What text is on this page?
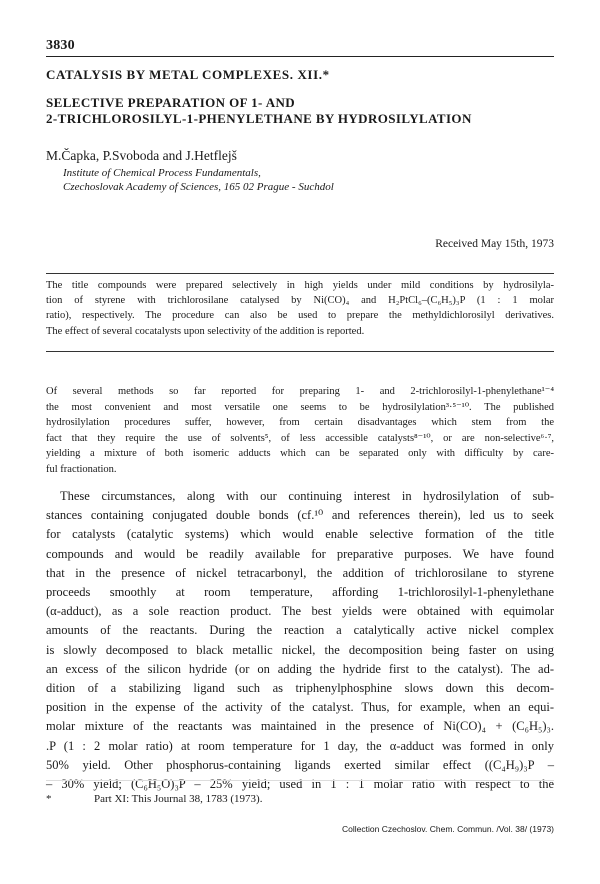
3830
CATALYSIS BY METAL COMPLEXES. XII.*
SELECTIVE PREPARATION OF 1- AND
2-TRICHLOROSILYL-1-PHENYLETHANE BY HYDROSILYLATION
M.Čapka, P.Svoboda and J.Hetflejš
Institute of Chemical Process Fundamentals,
Czechoslovak Academy of Sciences, 165 02 Prague - Suchdol
Received May 15th, 1973
The title compounds were prepared selectively in high yields under mild conditions by hydrosilyla-
tion of styrene with trichlorosilane catalysed by Ni(CO)₄ and H₂PtCl₆–(C₆H₅)₃P (1 : 1 molar
ratio), respectively. The procedure can also be used to prepare the methyldichlorosilyl derivatives.
The effect of several cocatalysts upon selectivity of the addition is reported.
Of several methods so far reported for preparing 1- and 2-trichlorosilyl-1-phenylethane¹⁻⁴
the most convenient and most versatile one seems to be hydrosilylation³·⁵⁻¹⁰. The published
hydrosilylation procedures suffer, however, from certain disadvantages which stem from the
fact that they require the use of solvents⁵, of less accessible catalysts⁸⁻¹⁰, or are non-selective⁶·⁷,
yielding a mixture of both isomeric adducts which can be separated only with difficulty by care-
ful fractionation.
These circumstances, along with our continuing interest in hydrosilylation of sub-
stances containing conjugated double bonds (cf.¹⁰ and references therein), led us to seek
for catalysts (catalytic systems) which would enable selective formation of the title
compounds and would be readily available for preparative purposes. We have found
that in the presence of nickel tetracarbonyl, the addition of trichlorosilane to styrene
proceeds smoothly at room temperature, affording 1-trichlorosilyl-1-phenylethane
(α-adduct), as a sole reaction product. The best yields were obtained with equimolar
amounts of the reactants. During the reaction a catalytically active nickel complex
is slowly decomposed to black metallic nickel, the decomposition being faster on using
an excess of the silicon hydride (or on adding the hydride first to the catalyst). The ad-
dition of a stabilizing ligand such as triphenylphosphine slows down this decom-
position in the expense of the activity of the catalyst. Thus, for example, when an equi-
molar mixture of the reactants was maintained in the presence of Ni(CO)₄ + (C₆H₅)₃.
.P (1 : 2 molar ratio) at room temperature for 1 day, the α-adduct was formed in only
50% yield. Other phosphorus-containing ligands exerted similar effect ((C₄H₉)₃P –
– 30% yield; (C₆H₅O)₃P – 25% yield; used in 1 : 1 molar ratio with respect to the
*	Part XI: This Journal 38, 1783 (1973).
Collection Czechoslov. Chem. Commun. /Vol. 38/ (1973)
